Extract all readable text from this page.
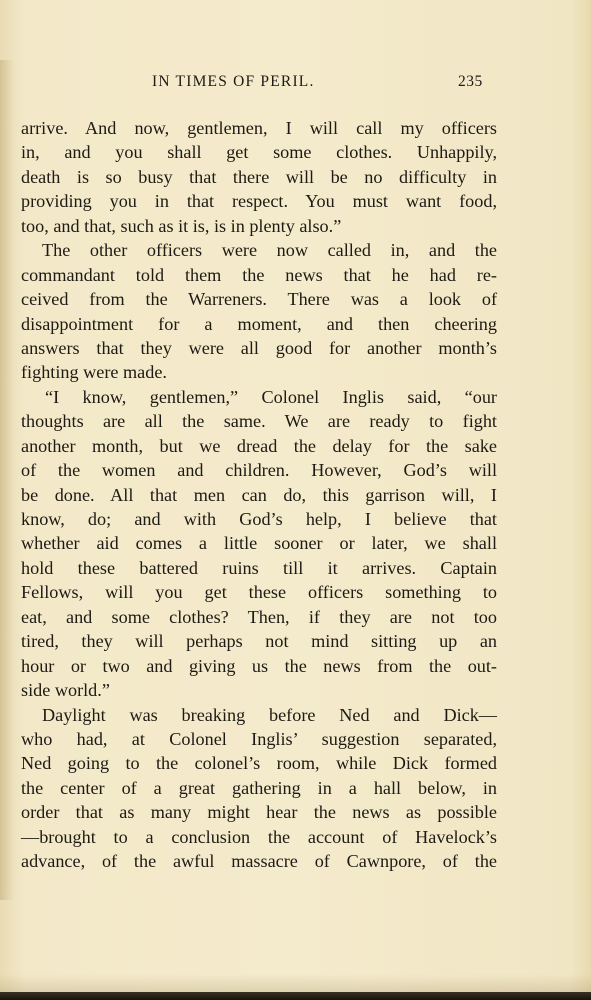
IN TIMES OF PERIL.	235
arrive. And now, gentlemen, I will call my officers
in, and you shall get some clothes. Unhappily,
death is so busy that there will be no difficulty in
providing you in that respect. You must want food,
too, and that, such as it is, is in plenty also.”
The other officers were now called in, and the
commandant told them the news that he had re-
ceived from the Warreners. There was a look of
disappointment for a moment, and then cheering
answers that they were all good for another month’s
fighting were made.
“I know, gentlemen,” Colonel Inglis said, “our
thoughts are all the same. We are ready to fight
another month, but we dread the delay for the sake
of the women and children. However, God’s will
be done. All that men can do, this garrison will, I
know, do; and with God’s help, I believe that
whether aid comes a little sooner or later, we shall
hold these battered ruins till it arrives. Captain
Fellows, will you get these officers something to
eat, and some clothes? Then, if they are not too
tired, they will perhaps not mind sitting up an
hour or two and giving us the news from the out-
side world.”
Daylight was breaking before Ned and Dick—
who had, at Colonel Inglis’ suggestion separated,
Ned going to the colonel’s room, while Dick formed
the center of a great gathering in a hall below, in
order that as many might hear the news as possible
—brought to a conclusion the account of Havelock’s
advance, of the awful massacre of Cawnpore, of the
